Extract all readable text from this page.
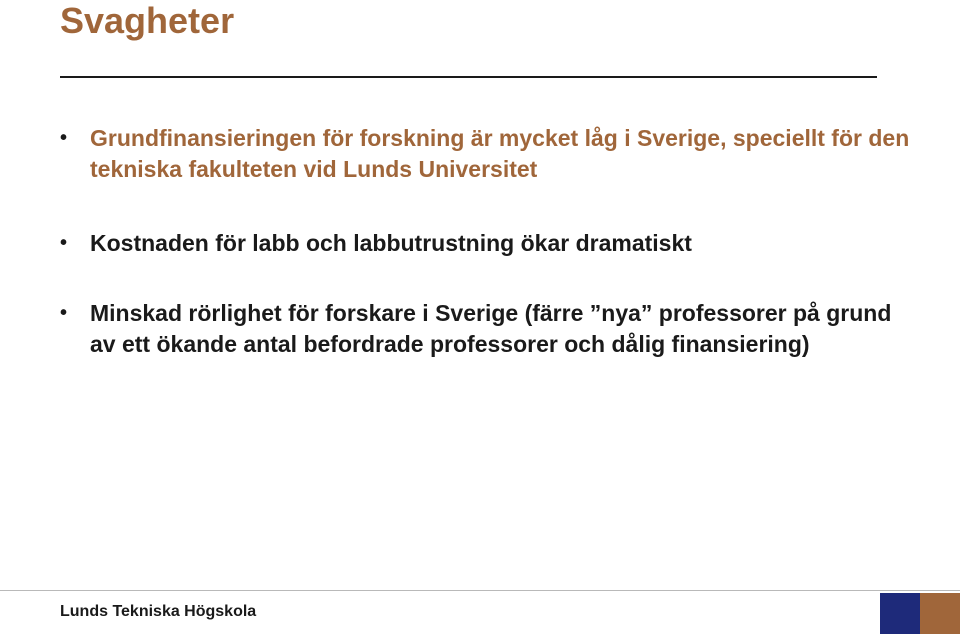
Svagheter
• Grundfinansieringen för forskning är mycket låg i Sverige, speciellt för den tekniska fakulteten vid Lunds Universitet
• Kostnaden för labb och labbutrustning ökar dramatiskt
• Minskad rörlighet för forskare i Sverige (färre ”nya” professorer på grund av ett ökande antal befordrade professorer och dålig finansiering)
Lunds Tekniska Högskola
